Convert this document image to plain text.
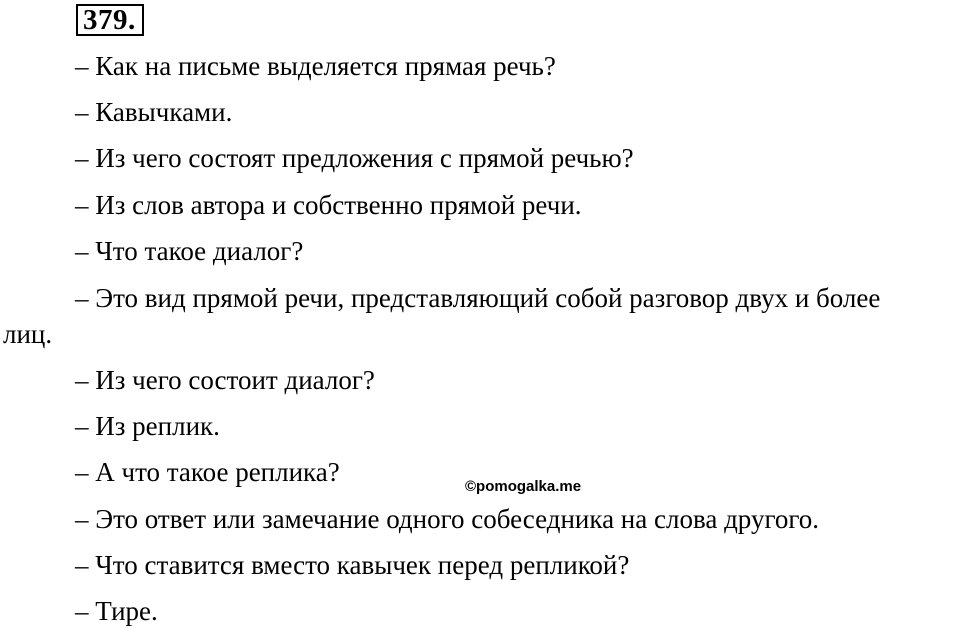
379.
– Как на письме выделяется прямая речь?
– Кавычками.
– Из чего состоят предложения с прямой речью?
– Из слов автора и собственно прямой речи.
– Что такое диалог?
– Это вид прямой речи, представляющий собой разговор двух и более
лиц.
– Из чего состоит диалог?
– Из реплик.
– А что такое реплика?
– Это ответ или замечание одного собеседника на слова другого.
– Что ставится вместо кавычек перед репликой?
– Тире.
©pomogalka.me
